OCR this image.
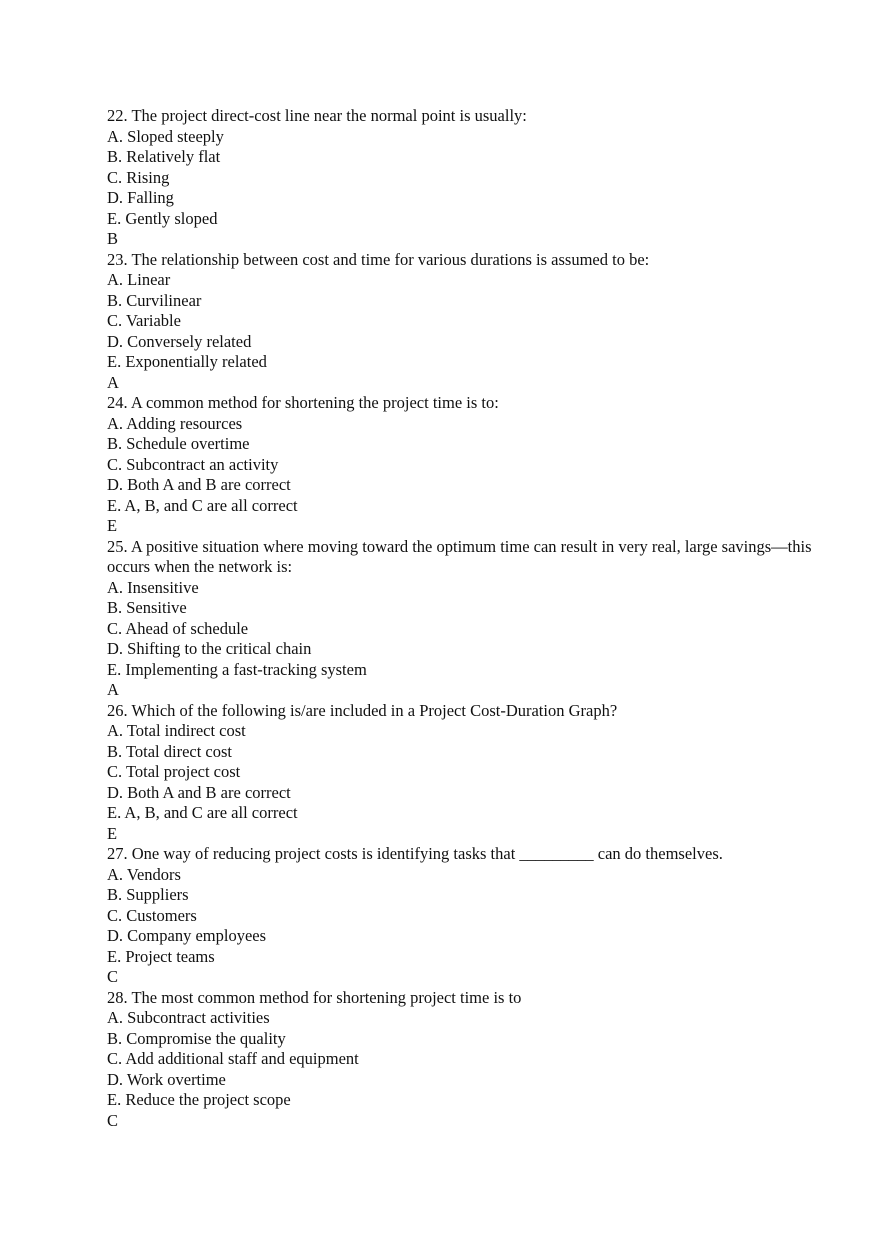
22. The project direct-cost line near the normal point is usually:
A. Sloped steeply
B. Relatively flat
C. Rising
D. Falling
E. Gently sloped
B
23. The relationship between cost and time for various durations is assumed to be:
A. Linear
B. Curvilinear
C. Variable
D. Conversely related
E. Exponentially related
A
24. A common method for shortening the project time is to:
A. Adding resources
B. Schedule overtime
C. Subcontract an activity
D. Both A and B are correct
E. A, B, and C are all correct
E
25. A positive situation where moving toward the optimum time can result in very real, large savings—this occurs when the network is:
A. Insensitive
B. Sensitive
C. Ahead of schedule
D. Shifting to the critical chain
E. Implementing a fast-tracking system
A
26. Which of the following is/are included in a Project Cost-Duration Graph?
A. Total indirect cost
B. Total direct cost
C. Total project cost
D. Both A and B are correct
E. A, B, and C are all correct
E
27. One way of reducing project costs is identifying tasks that _________ can do themselves.
A. Vendors
B. Suppliers
C. Customers
D. Company employees
E. Project teams
C
28. The most common method for shortening project time is to
A. Subcontract activities
B. Compromise the quality
C. Add additional staff and equipment
D. Work overtime
E. Reduce the project scope
C
